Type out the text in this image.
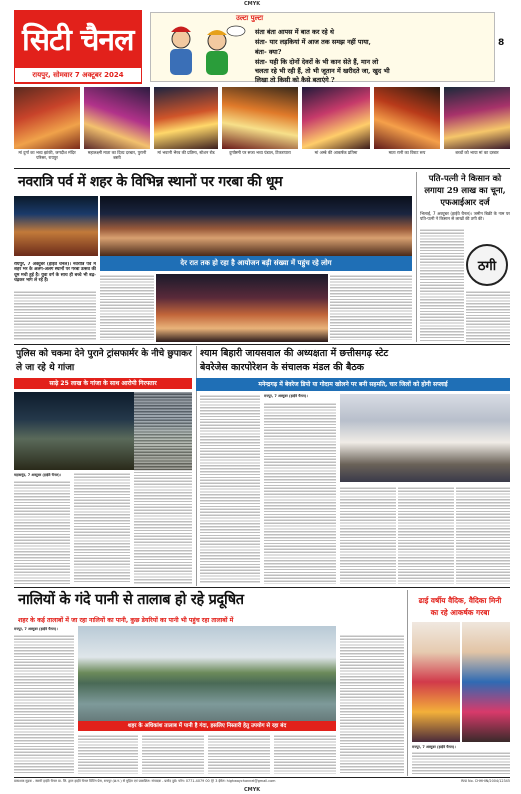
CMYK
CMYK
सिटी चैनल
रायपुर, सोमवार 7 अक्टूबर 2024
उल्टा पुल्टा
संता बंता आपस में बात कर रहे थे
संता- यार लड़कियां में आज तक समझ नहीं पाया,
बंता- क्या?
संता- यही कि दोनों देवरों के भी कान सेते हैं, मान लो
चलता रहे भी रही हैं, तो भी जूतान में खरीदते जा, खुद भी
लिखा तो किसी को कैसे बताएंगे ?
8
मां दुर्गा का भव्य झांकी, जगदीश मंदिर परिसर, रायपुर
महालक्ष्मी माता का दिव्य दरबार, पुरानी बस्ती
मां भवानी भैरव की प्रतिमा, स्टेशन रोड	दुर्गाष्टमी पर सजा भव्य पंडाल, टिकरापारा	मां अम्बे की आकर्षक प्रतिमा	माता रानी का विराट रूप	बच्चों को भाया मां का दरबार
नवरात्रि पर्व में शहर के विभिन्न स्थानों पर गरबा की धूम
देर रात तक हो रहा है आयोजन बड़ी संख्या में पहुंच रहे लोग
रायपुर, 7 अक्टूबर (हाईवे चैनल)। नवरात्रि पर्व में शहर भर के अलग-अलग स्थानों पर गरबा उत्सव की धूम मची हुई है। युवा वर्ग के साथ ही बच्चे भी बढ़-चढ़कर भाग ले रहे हैं।
पति-पत्नी ने किसान को लगाया 29 लाख का चूना, एफआईआर दर्ज
भिलाई, 7 अक्टूबर (हाईवे चैनल)। जमीन बिक्री के नाम पर पति-पत्नी ने किसान से लाखों की ठगी की।
ठगी
पुलिस को चकमा देने पुराने ट्रांसफार्मर के नीचे छुपाकर ले जा रहे थे गांजा
साढ़े 25 लाख के गांजा के साथ आरोपी गिरफ्तार
महासमुंद, 7 अक्टूबर (हाईवे चैनल)।
श्याम बिहारी जायसवाल की अध्यक्षता में छत्तीसगढ़ स्टेट
बेवरेजेस कारपोरेशन के संचालक मंडल की बैठक
मनेन्द्रगढ़ में बेवरेज डिपो या गोदाम खोलने पर बनी सहमति, चार जिलों को होगी सप्लाई
रायपुर, 7 अक्टूबर (हाईवे चैनल)।
नालियों के गंदे पानी से तालाब हो रहे प्रदूषित
शहर के कई तालाबों में जा रहा नालियों का पानी, कुछ डेयरियों का पानी भी पहुंच रहा तालाबों में
रायपुर, 7 अक्टूबर (हाईवे चैनल)।
शहर के अधिकांश तालाब में पानी है गंदा, इसलिए निस्तारी हेतु उपयोग से रहा बंद
ढाई वर्षीय वैदिक, वैदिका मिनी
का रहे आकर्षक गरबा
रायपुर, 7 अक्टूबर (हाईवे चैनल)।
प्रकाशक मुद्रक - स्वामी हाईवे चैनल प्रा. लि. द्वारा हाईवे चैनल प्रिंटिंग प्रेस, रायपुर (छ.ग.) से मुद्रित एवं प्रकाशित। संपादक - प्रमोद दुबे। फोन: 0771-4079 00 @ 3 ईमेल: highwaychannel@gmail.com	RNI No. CHHHIN/2004/12345
